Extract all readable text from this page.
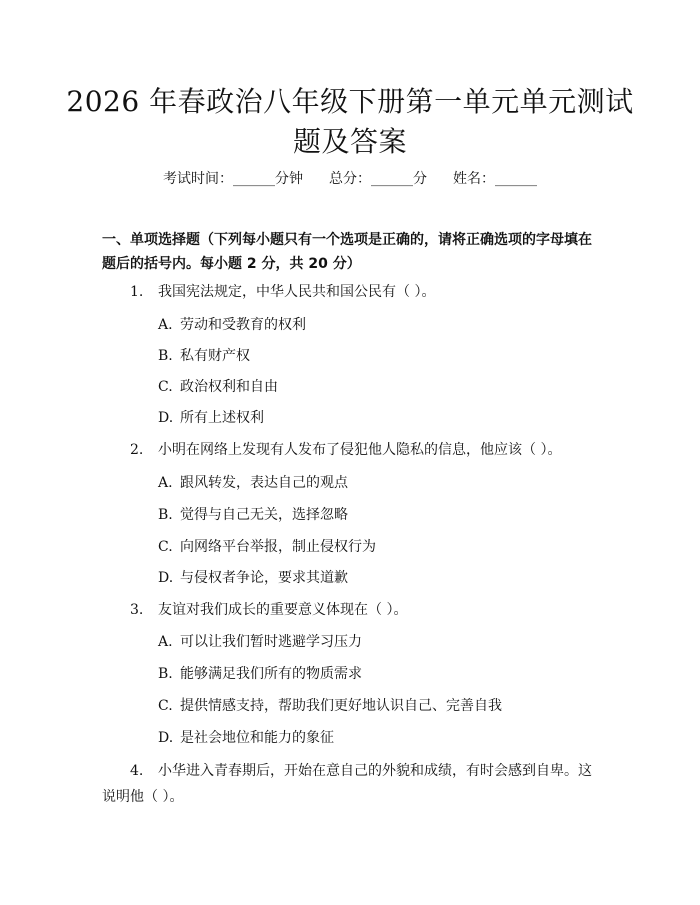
2026 年春政治八年级下册第一单元单元测试
题及答案
考试时间：______分钟 总分：______分 姓名：______
一、单项选择题（下列每小题只有一个选项是正确的，请将正确选项的字母填在
题后的括号内。每小题 2 分，共 20 分）
1. 我国宪法规定，中华人民共和国公民有（ ）。
A. 劳动和受教育的权利
B. 私有财产权
C. 政治权利和自由
D. 所有上述权利
2. 小明在网络上发现有人发布了侵犯他人隐私的信息，他应该（ ）。
A. 跟风转发，表达自己的观点
B. 觉得与自己无关，选择忽略
C. 向网络平台举报，制止侵权行为
D. 与侵权者争论，要求其道歉
3. 友谊对我们成长的重要意义体现在（ ）。
A. 可以让我们暂时逃避学习压力
B. 能够满足我们所有的物质需求
C. 提供情感支持，帮助我们更好地认识自己、完善自我
D. 是社会地位和能力的象征
4. 小华进入青春期后，开始在意自己的外貌和成绩，有时会感到自卑。这说明他（ ）。
